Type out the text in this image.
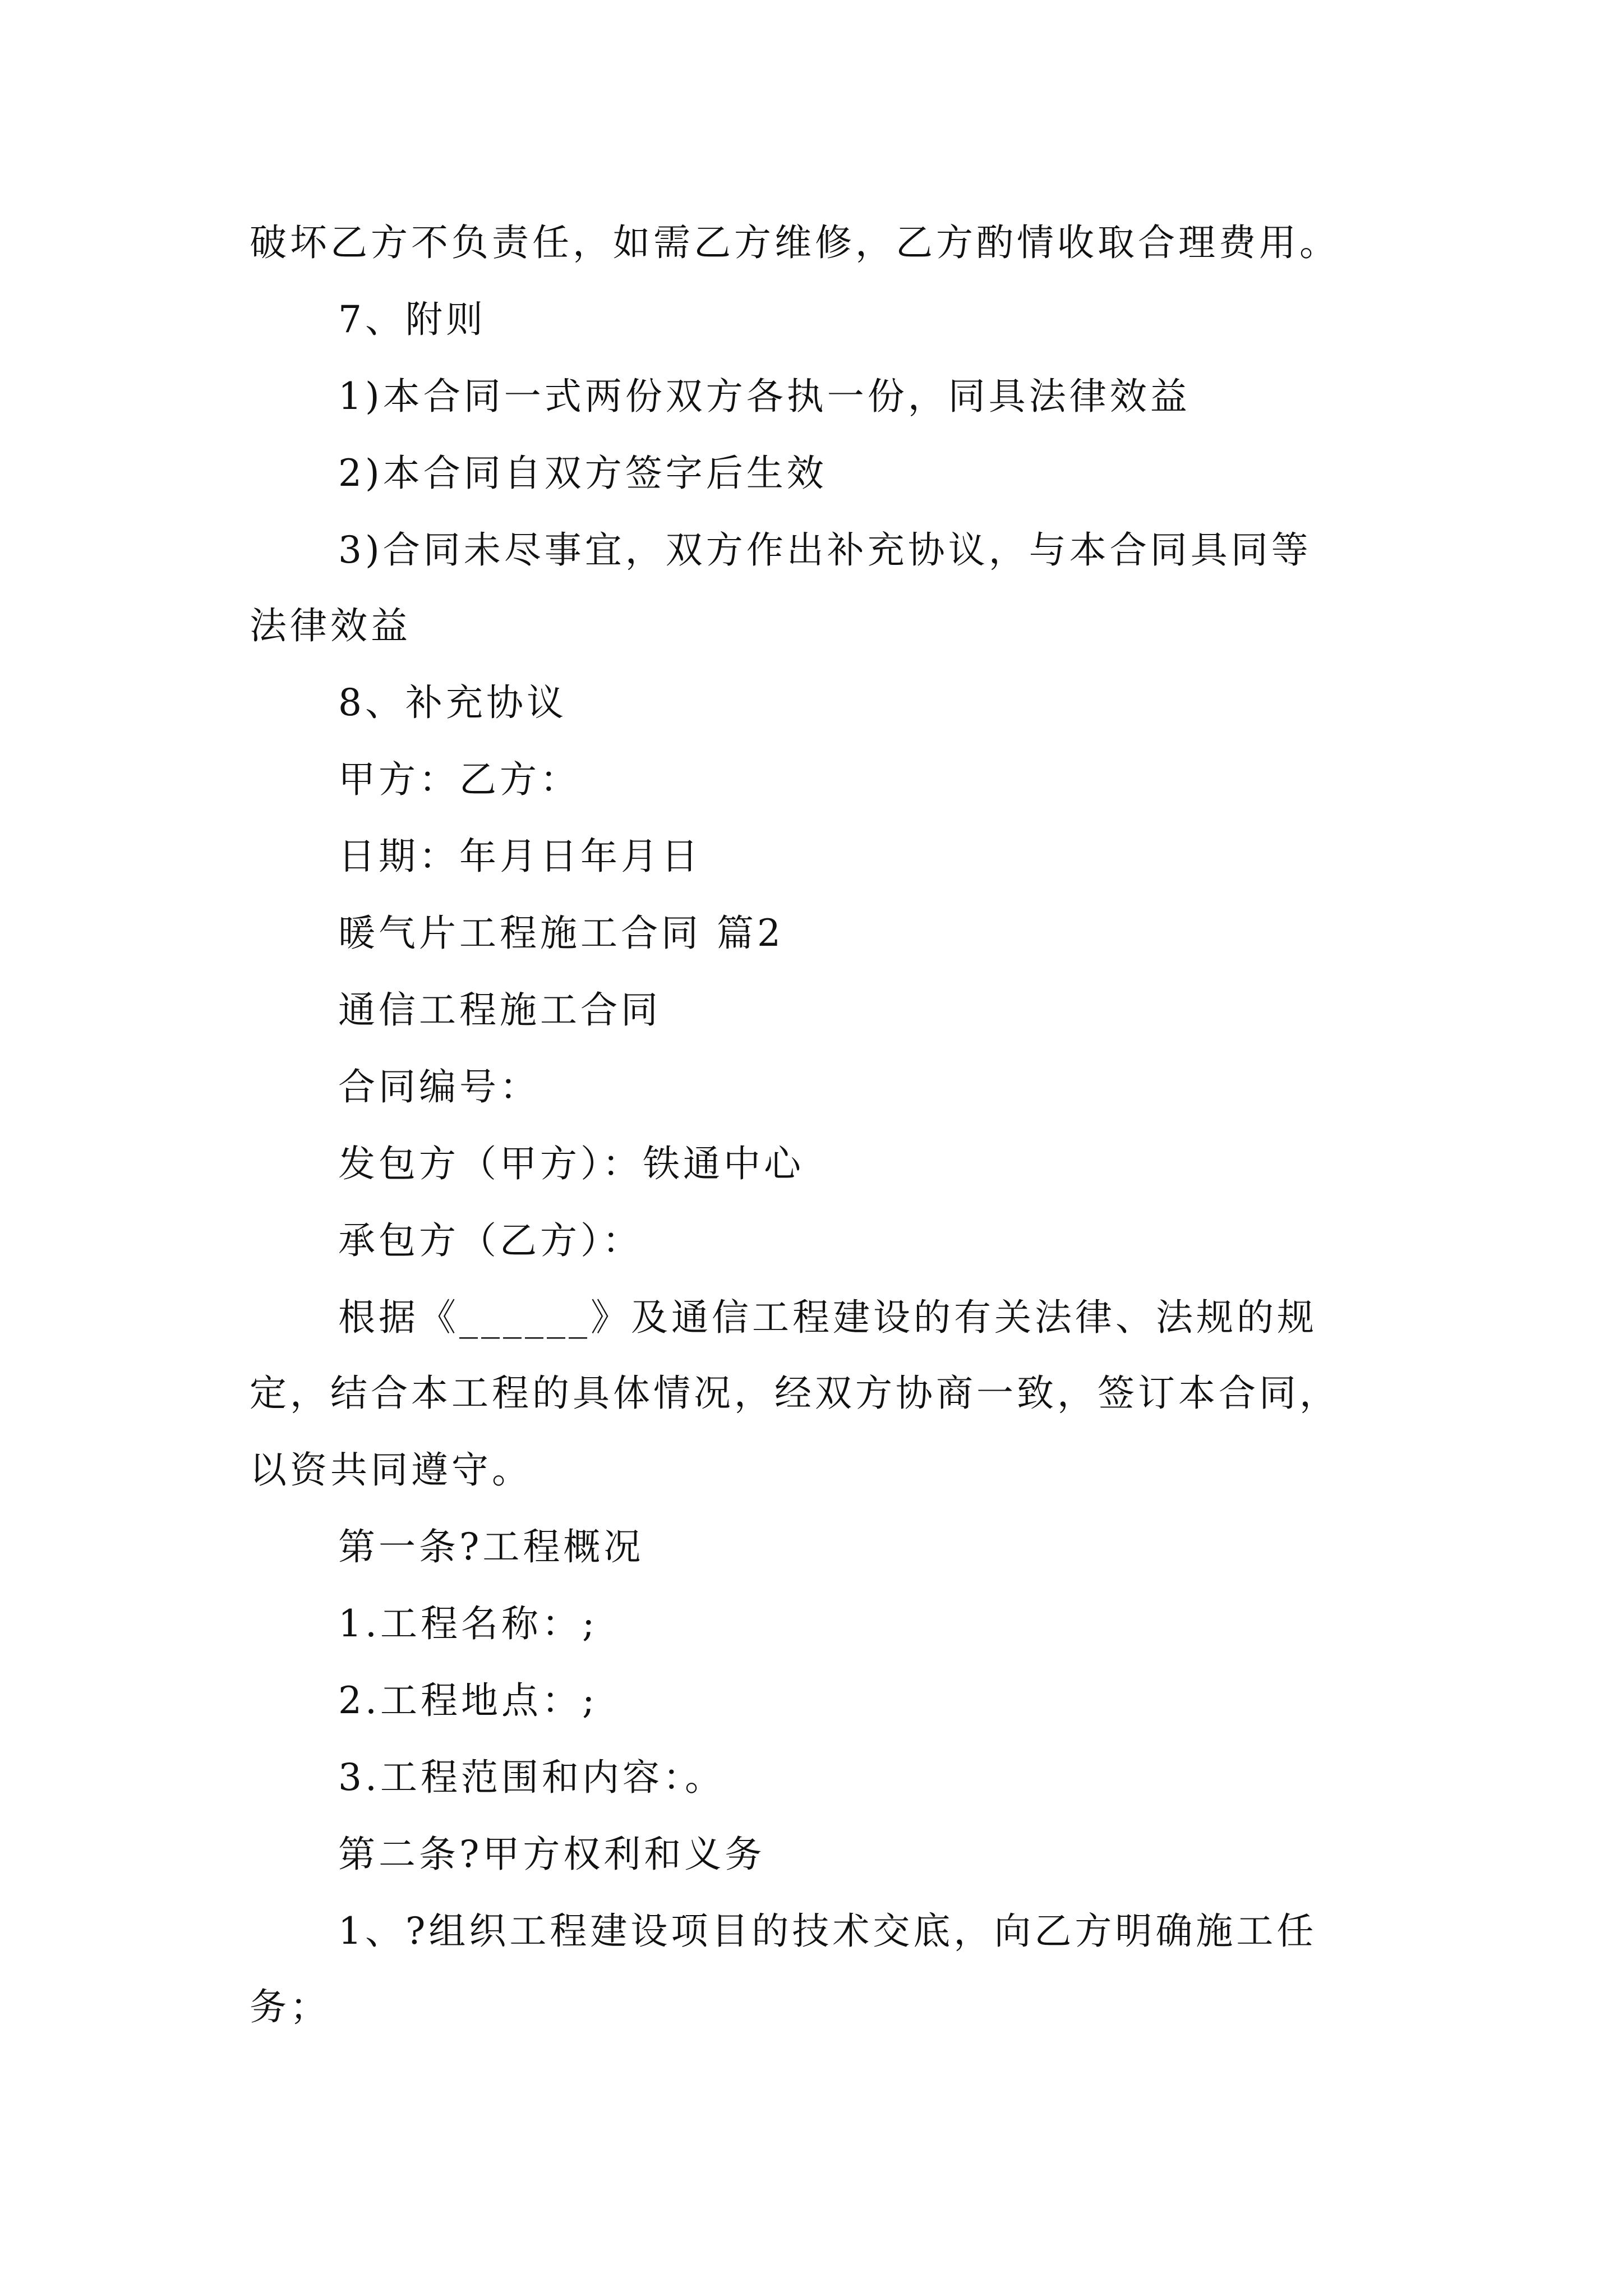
破坏乙方不负责任，如需乙方维修，乙方酌情收取合理费用。
7、附则
1)本合同一式两份双方各执一份，同具法律效益
2)本合同自双方签字后生效
3)合同未尽事宜，双方作出补充协议，与本合同具同等
法律效益
8、补充协议
甲方：乙方：
日期：年月日年月日
暖气片工程施工合同 篇2
通信工程施工合同
合同编号：
发包方（甲方）：铁通中心
承包方（乙方）：
根据《______》及通信工程建设的有关法律、法规的规
定，结合本工程的具体情况，经双方协商一致，签订本合同，
以资共同遵守。
第一条?工程概况
1.工程名称：;
2.工程地点：;
3.工程范围和内容：。
第二条?甲方权利和义务
1、?组织工程建设项目的技术交底，向乙方明确施工任
务；
